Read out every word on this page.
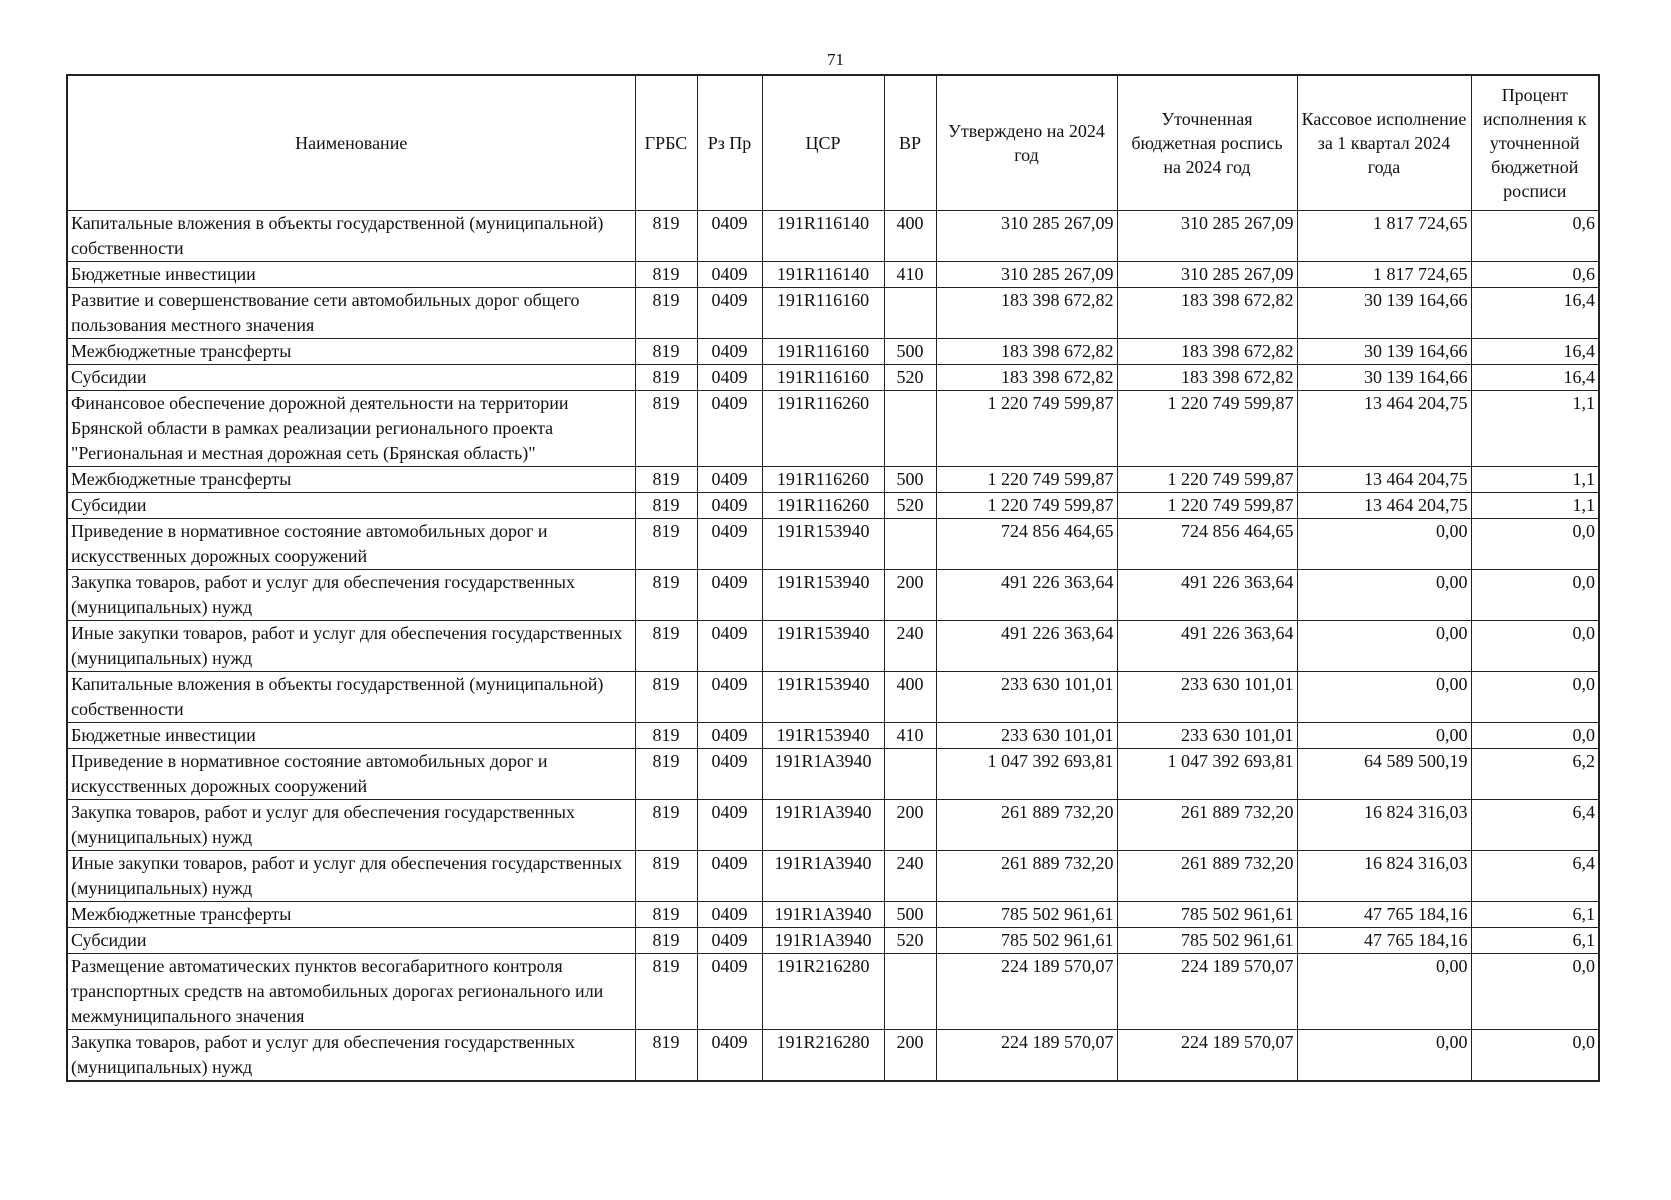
71
Наименование	ГРБС	Рз Пр	ЦСР	ВР	Утверждено на 2024 год	Уточненная бюджетная роспись на 2024 год	Кассовое исполнение за 1 квартал 2024 года	Процент исполнения к уточненной бюджетной росписи
Капитальные вложения в объекты государственной (муниципальной) собственности	819	0409	191R116140	400	310 285 267,09	310 285 267,09	1 817 724,65	0,6
Бюджетные инвестиции	819	0409	191R116140	410	310 285 267,09	310 285 267,09	1 817 724,65	0,6
Развитие и совершенствование сети автомобильных дорог общего пользования местного значения	819	0409	191R116160		183 398 672,82	183 398 672,82	30 139 164,66	16,4
Межбюджетные трансферты	819	0409	191R116160	500	183 398 672,82	183 398 672,82	30 139 164,66	16,4
Субсидии	819	0409	191R116160	520	183 398 672,82	183 398 672,82	30 139 164,66	16,4
Финансовое обеспечение дорожной деятельности на территории Брянской области в рамках реализации регионального проекта "Региональная и местная дорожная сеть (Брянская область)"	819	0409	191R116260		1 220 749 599,87	1 220 749 599,87	13 464 204,75	1,1
Межбюджетные трансферты	819	0409	191R116260	500	1 220 749 599,87	1 220 749 599,87	13 464 204,75	1,1
Субсидии	819	0409	191R116260	520	1 220 749 599,87	1 220 749 599,87	13 464 204,75	1,1
Приведение в нормативное состояние автомобильных дорог и искусственных дорожных сооружений	819	0409	191R153940		724 856 464,65	724 856 464,65	0,00	0,0
Закупка товаров, работ и услуг для обеспечения государственных (муниципальных) нужд	819	0409	191R153940	200	491 226 363,64	491 226 363,64	0,00	0,0
Иные закупки товаров, работ и услуг для обеспечения государственных (муниципальных) нужд	819	0409	191R153940	240	491 226 363,64	491 226 363,64	0,00	0,0
Капитальные вложения в объекты государственной (муниципальной) собственности	819	0409	191R153940	400	233 630 101,01	233 630 101,01	0,00	0,0
Бюджетные инвестиции	819	0409	191R153940	410	233 630 101,01	233 630 101,01	0,00	0,0
Приведение в нормативное состояние автомобильных дорог и искусственных дорожных сооружений	819	0409	191R1A3940		1 047 392 693,81	1 047 392 693,81	64 589 500,19	6,2
Закупка товаров, работ и услуг для обеспечения государственных (муниципальных) нужд	819	0409	191R1A3940	200	261 889 732,20	261 889 732,20	16 824 316,03	6,4
Иные закупки товаров, работ и услуг для обеспечения государственных (муниципальных) нужд	819	0409	191R1A3940	240	261 889 732,20	261 889 732,20	16 824 316,03	6,4
Межбюджетные трансферты	819	0409	191R1A3940	500	785 502 961,61	785 502 961,61	47 765 184,16	6,1
Субсидии	819	0409	191R1A3940	520	785 502 961,61	785 502 961,61	47 765 184,16	6,1
Размещение автоматических пунктов весогабаритного контроля транспортных средств на автомобильных дорогах регионального или межмуниципального значения	819	0409	191R216280		224 189 570,07	224 189 570,07	0,00	0,0
Закупка товаров, работ и услуг для обеспечения государственных (муниципальных) нужд	819	0409	191R216280	200	224 189 570,07	224 189 570,07	0,00	0,0
